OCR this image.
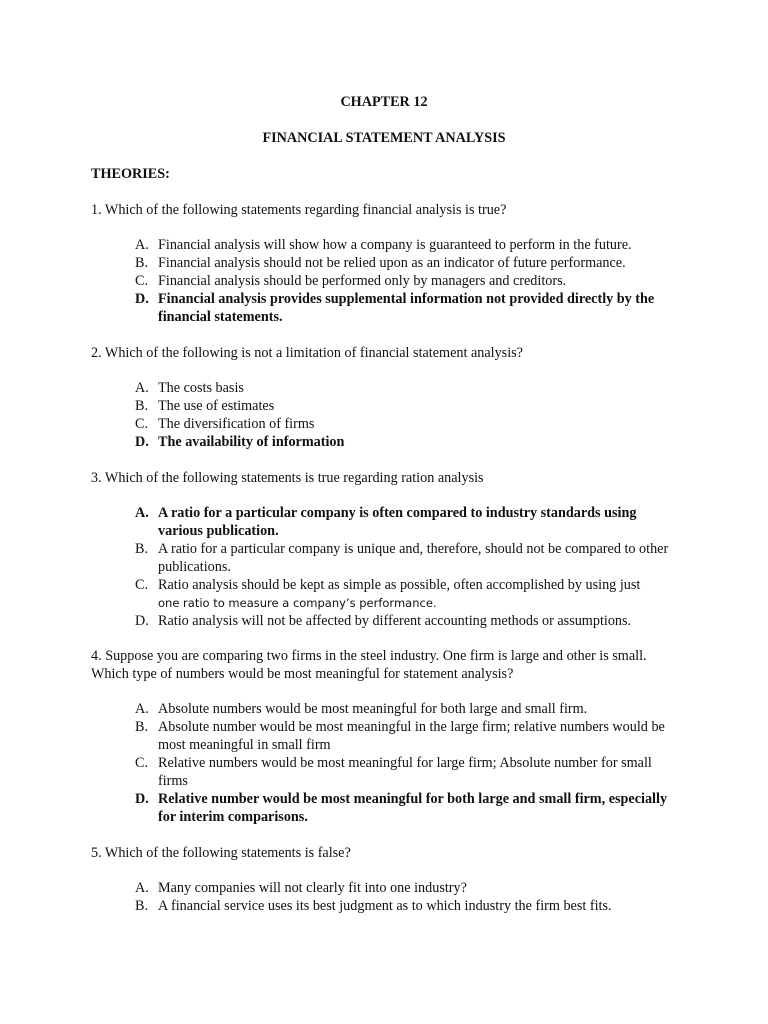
CHAPTER 12
FINANCIAL STATEMENT ANALYSIS
THEORIES:
1. Which of the following statements regarding financial analysis is true?
A. Financial analysis will show how a company is guaranteed to perform in the future.
B. Financial analysis should not be relied upon as an indicator of future performance.
C. Financial analysis should be performed only by managers and creditors.
D. Financial analysis provides supplemental information not provided directly by the financial statements.
2. Which of the following is not a limitation of financial statement analysis?
A. The costs basis
B. The use of estimates
C. The diversification of firms
D. The availability of information
3. Which of the following statements is true regarding ration analysis
A. A ratio for a particular company is often compared to industry standards using various publication.
B. A ratio for a particular company is unique and, therefore, should not be compared to other publications.
C. Ratio analysis should be kept as simple as possible, often accomplished by using just
one ratio to measure a company’s performance.
D. Ratio analysis will not be affected by different accounting methods or assumptions.
4. Suppose you are comparing two firms in the steel industry. One firm is large and other is small. Which type of numbers would be most meaningful for statement analysis?
A. Absolute numbers would be most meaningful for both large and small firm.
B. Absolute number would be most meaningful in the large firm; relative numbers would be most meaningful in small firm
C. Relative numbers would be most meaningful for large firm; Absolute number for small firms
D. Relative number would be most meaningful for both large and small firm, especially for interim comparisons.
5. Which of the following statements is false?
A. Many companies will not clearly fit into one industry?
B. A financial service uses its best judgment as to which industry the firm best fits.
